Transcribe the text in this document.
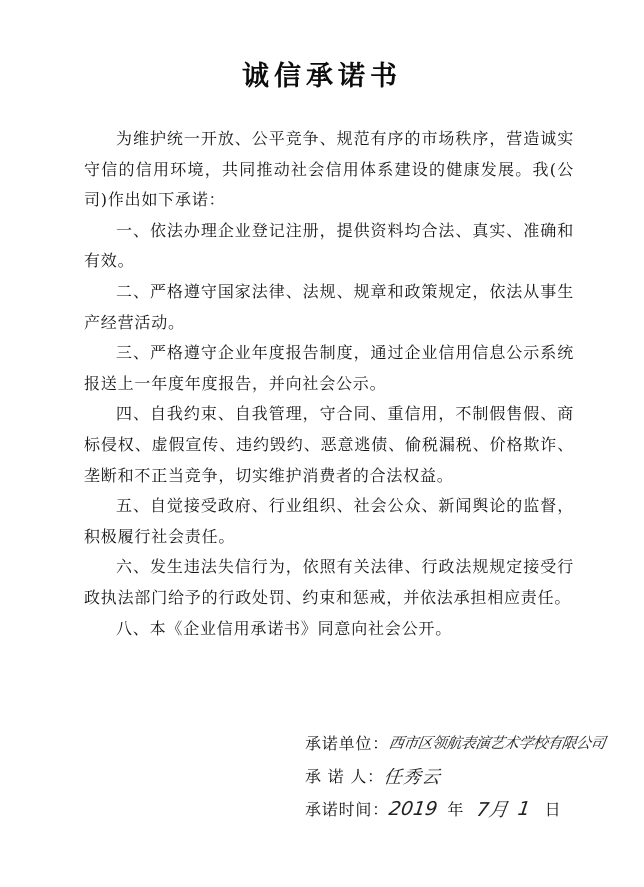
诚信承诺书

为维护统一开放、公平竞争、规范有序的市场秩序，营造诚实守信的信用环境，共同推动社会信用体系建设的健康发展。我(公司)作出如下承诺：

一、依法办理企业登记注册，提供资料均合法、真实、准确和有效。

二、严格遵守国家法律、法规、规章和政策规定，依法从事生产经营活动。

三、严格遵守企业年度报告制度，通过企业信用信息公示系统报送上一年度年度报告，并向社会公示。

四、自我约束、自我管理，守合同、重信用，不制假售假、商标侵权、虚假宣传、违约毁约、恶意逃债、偷税漏税、价格欺诈、垄断和不正当竞争，切实维护消费者的合法权益。

五、自觉接受政府、行业组织、社会公众、新闻舆论的监督，积极履行社会责任。

六、发生违法失信行为，依照有关法律、行政法规规定接受行政执法部门给予的行政处罚、约束和惩戒，并依法承担相应责任。

八、本《企业信用承诺书》同意向社会公开。

承诺单位：
西市区领航表演艺术学校有限公司
承 诺 人：
任秀云
承诺时间：
2019 年 7月 1 日
